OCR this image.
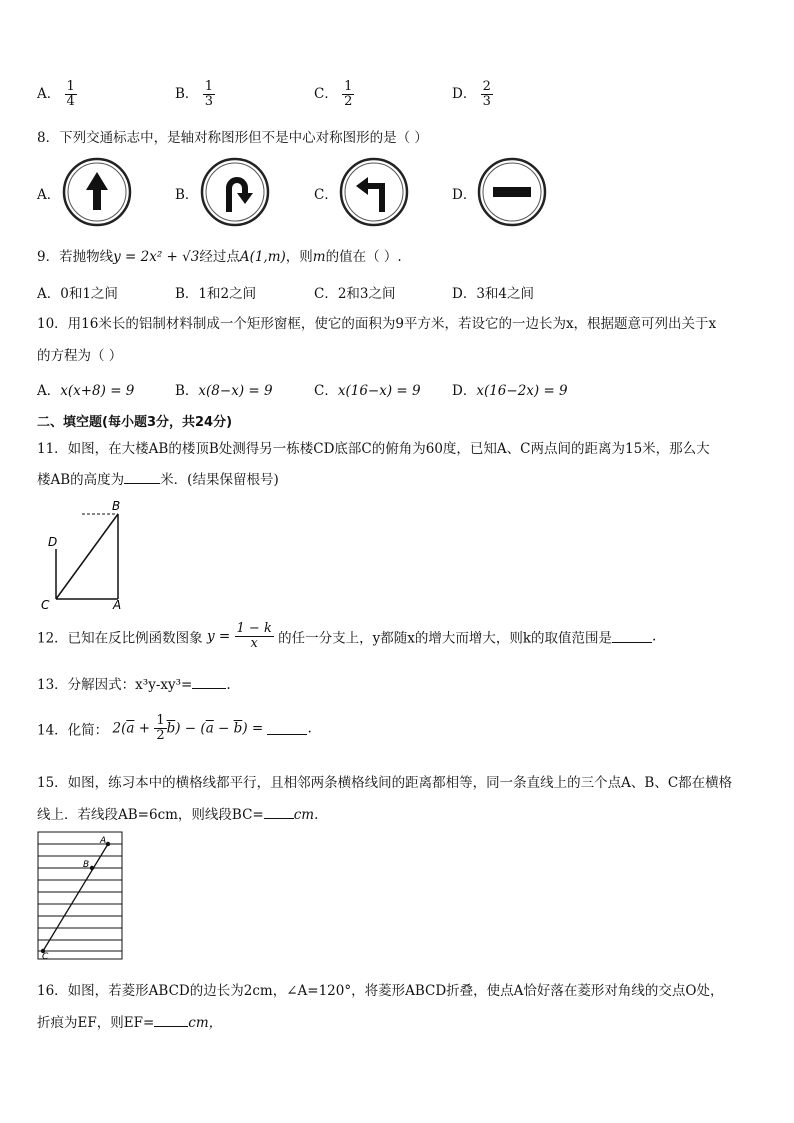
A． $\frac{1}{4}$	B． $\frac{1}{3}$	C． $\frac{1}{2}$	D． $\frac{2}{3}$
8．下列交通标志中，是轴对称图形但不是中心对称图形的是（ ）
A．	B．	C．	D．
9．若抛物线y = 2x² + √3经过点A(1,m)，则m的值在（ ）.
A．0和1之间	B．1和2之间	C．2和3之间	D．3和4之间
10．用16米长的铝制材料制成一个矩形窗框，使它的面积为9平方米，若设它的一边长为x，根据题意可列出关于x
的方程为（ ）
A．x(x+8) = 9	B．x(8−x) = 9	C．x(16−x) = 9 D．x(16−2x) = 9
二、填空题(每小题3分，共24分)
11．如图，在大楼AB的楼顶B处测得另一栋楼CD底部C的俯角为60度，已知A、C两点间的距离为15米，那么大
楼AB的高度为	米．(结果保留根号)
B
D
C	A
12．已知在反比例函数图象 $y = \frac{1 - k}{x}$ 的任一分支上，y都随x的增大而增大，则k的取值范围是	.
13．分解因式：x³y-xy³=	.
14．化简： $2(\overline{a} + \frac{1}{2} \overline{b}) - (\overline{a} - \overline{b})$ =	.
15．如图，练习本中的横格线都平行，且相邻两条横格线间的距离都相等，同一条直线上的三个点A、B、C都在横格
线上．若线段AB=6cm，则线段BC= cm.
A
B
C
16．如图，若菱形ABCD的边长为2cm，∠A=120°，将菱形ABCD折叠，使点A恰好落在菱形对角线的交点O处，
折痕为EF，则EF=	cm，
